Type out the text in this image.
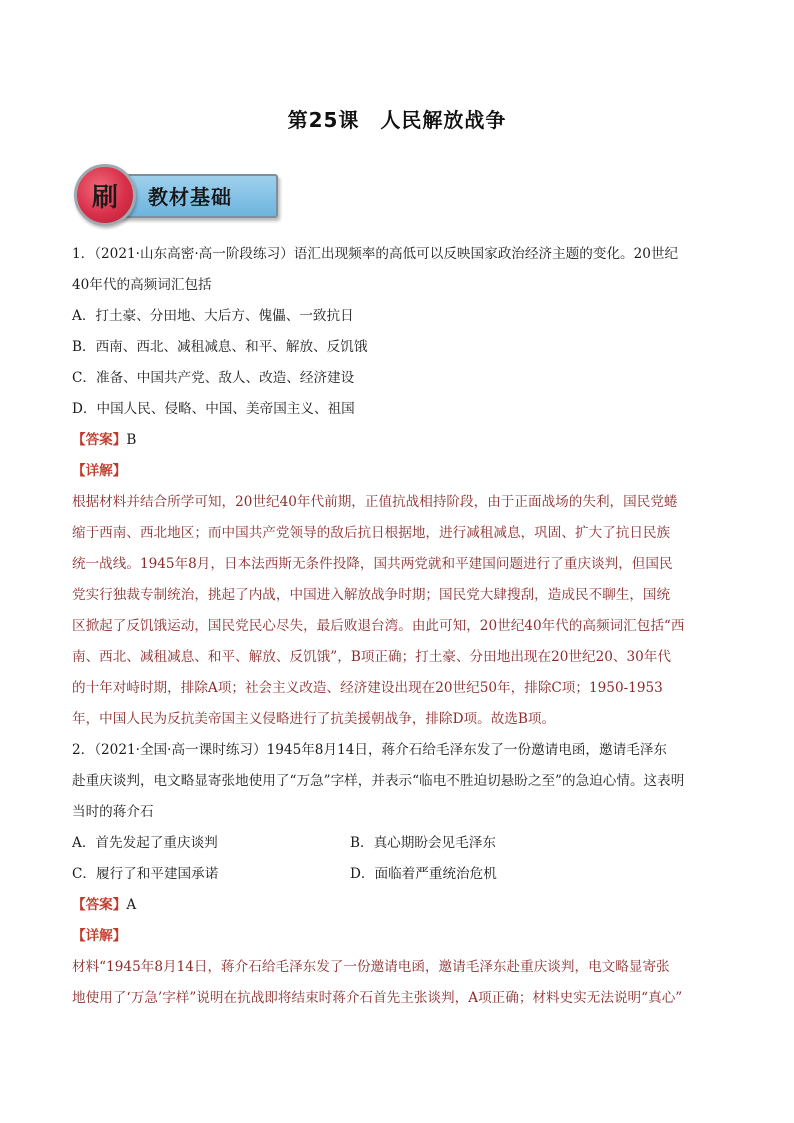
第25课　人民解放战争
刷	教材基础
1．（2021·山东高密·高一阶段练习）语汇出现频率的高低可以反映国家政治经济主题的变化。20世纪
40年代的高频词汇包括
A．打土豪、分田地、大后方、傀儡、一致抗日
B．西南、西北、减租减息、和平、解放、反饥饿
C．准备、中国共产党、敌人、改造、经济建设
D．中国人民、侵略、中国、美帝国主义、祖国
【答案】B
【详解】
根据材料并结合所学可知，20世纪40年代前期，正值抗战相持阶段，由于正面战场的失利，国民党蜷
缩于西南、西北地区；而中国共产党领导的敌后抗日根据地，进行减租减息，巩固、扩大了抗日民族
统一战线。1945年8月，日本法西斯无条件投降，国共两党就和平建国问题进行了重庆谈判，但国民
党实行独裁专制统治，挑起了内战，中国进入解放战争时期；国民党大肆搜刮，造成民不聊生，国统
区掀起了反饥饿运动，国民党民心尽失，最后败退台湾。由此可知，20世纪40年代的高频词汇包括“西
南、西北、减租减息、和平、解放、反饥饿”，B项正确；打土豪、分田地出现在20世纪20、30年代
的十年对峙时期，排除A项；社会主义改造、经济建设出现在20世纪50年，排除C项；1950-1953
年，中国人民为反抗美帝国主义侵略进行了抗美援朝战争，排除D项。故选B项。
2．（2021·全国·高一课时练习）1945年8月14日，蒋介石给毛泽东发了一份邀请电函，邀请毛泽东
赴重庆谈判，电文略显寄张地使用了“万急”字样，并表示“临电不胜迫切悬盼之至”的急迫心情。这表明
当时的蒋介石
A．首先发起了重庆谈判	B．真心期盼会见毛泽东
C．履行了和平建国承诺	D．面临着严重统治危机
【答案】A
【详解】
材料“1945年8月14日，蒋介石给毛泽东发了一份邀请电函，邀请毛泽东赴重庆谈判，电文略显寄张
地使用了‘万急’字样”说明在抗战即将结束时蒋介石首先主张谈判，A项正确；材料史实无法说明“真心”
